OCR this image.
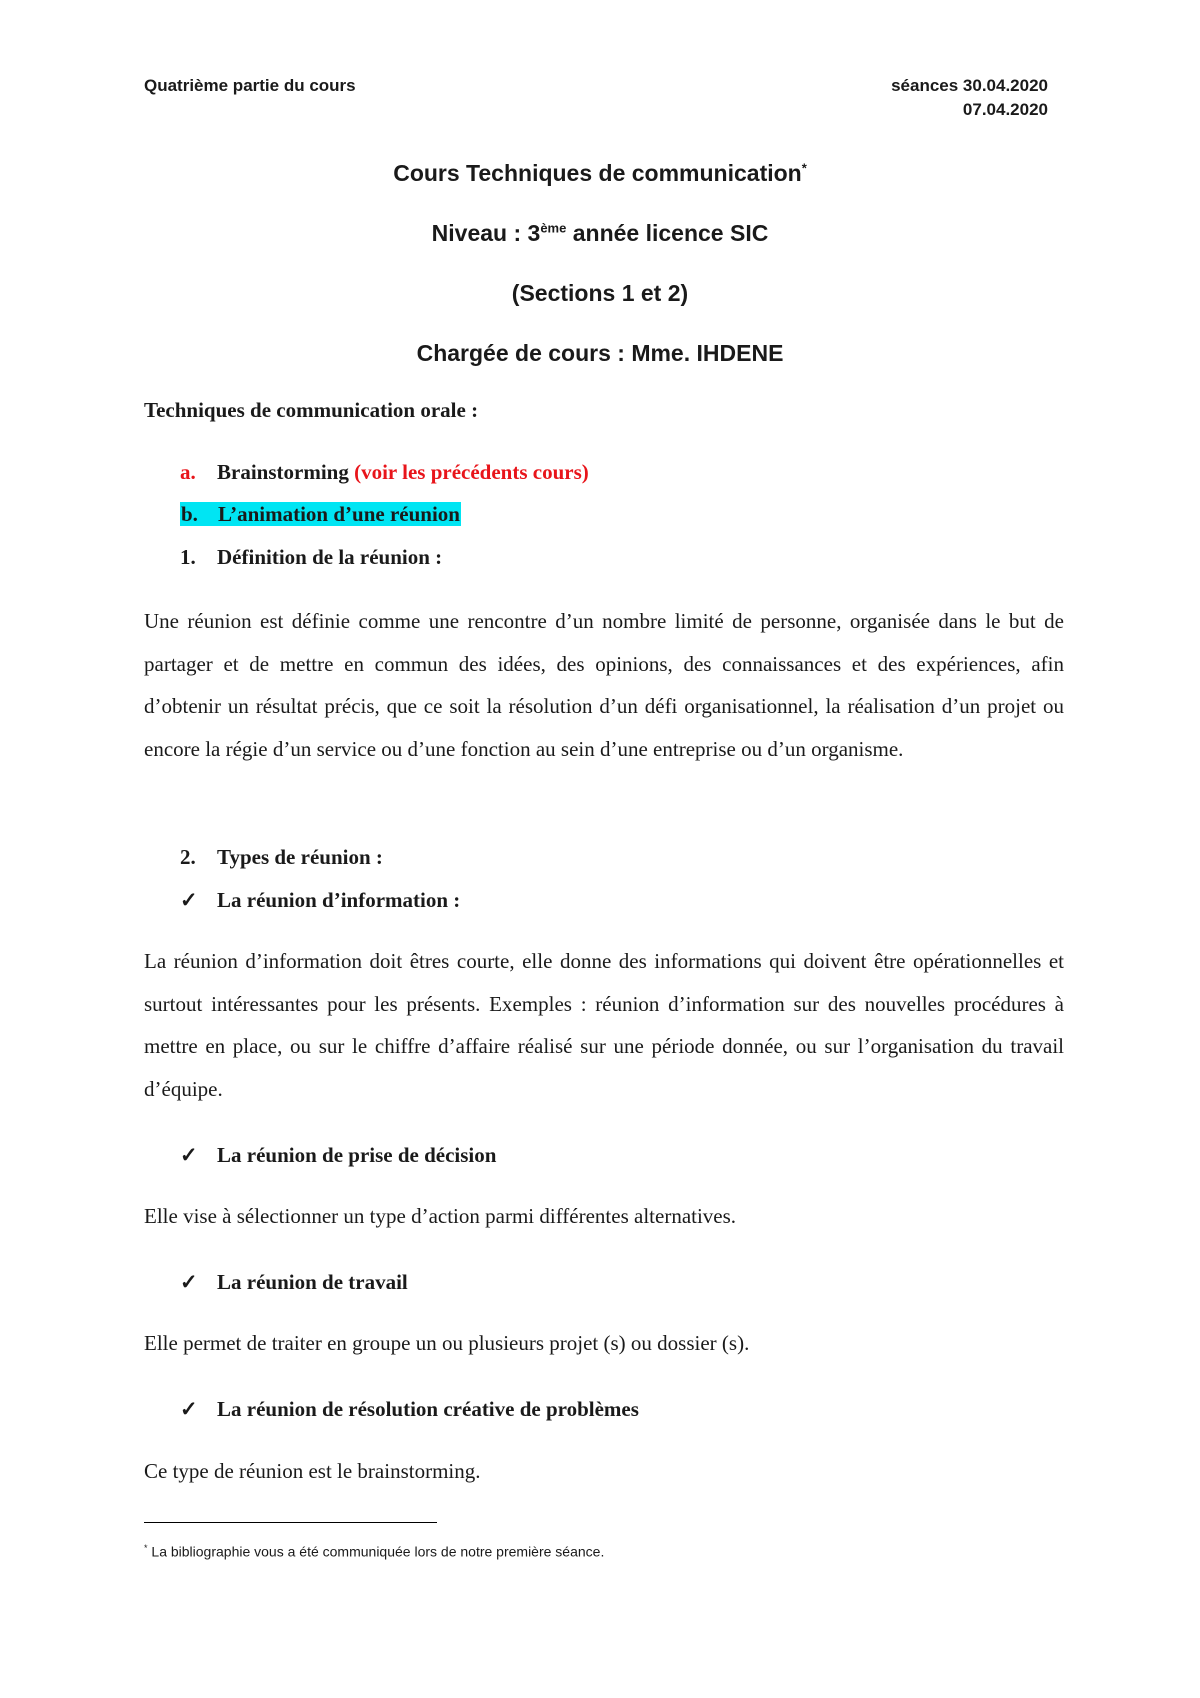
Quatrième partie du cours	séances 30.04.2020
07.04.2020
Cours Techniques de communication*
Niveau : 3ème année licence SIC
(Sections 1 et 2)
Chargée de cours : Mme. IHDENE
Techniques de communication orale :
a. Brainstorming (voir les précédents cours)
b. L’animation d’une réunion
1. Définition de la réunion :
Une réunion est définie comme une rencontre d’un nombre limité de personne, organisée dans le but de partager et de mettre en commun des idées, des opinions, des connaissances et des expériences, afin d’obtenir un résultat précis, que ce soit la résolution d’un défi organisationnel, la réalisation d’un projet ou encore la régie d’un service ou d’une fonction au sein d’une entreprise ou d’un organisme.
2. Types de réunion :
✓ La réunion d’information :
La réunion d’information doit êtres courte, elle donne des informations qui doivent être opérationnelles et surtout intéressantes pour les présents. Exemples : réunion d’information sur des nouvelles procédures à mettre en place, ou sur le chiffre d’affaire réalisé sur une période donnée, ou sur l’organisation du travail d’équipe.
✓ La réunion de prise de décision
Elle vise à sélectionner un type d’action parmi différentes alternatives.
✓ La réunion de travail
Elle permet de traiter en groupe un ou plusieurs projet (s) ou dossier (s).
✓ La réunion de résolution créative de problèmes
Ce type de réunion est le brainstorming.
* La bibliographie vous a été communiquée lors de notre première séance.
